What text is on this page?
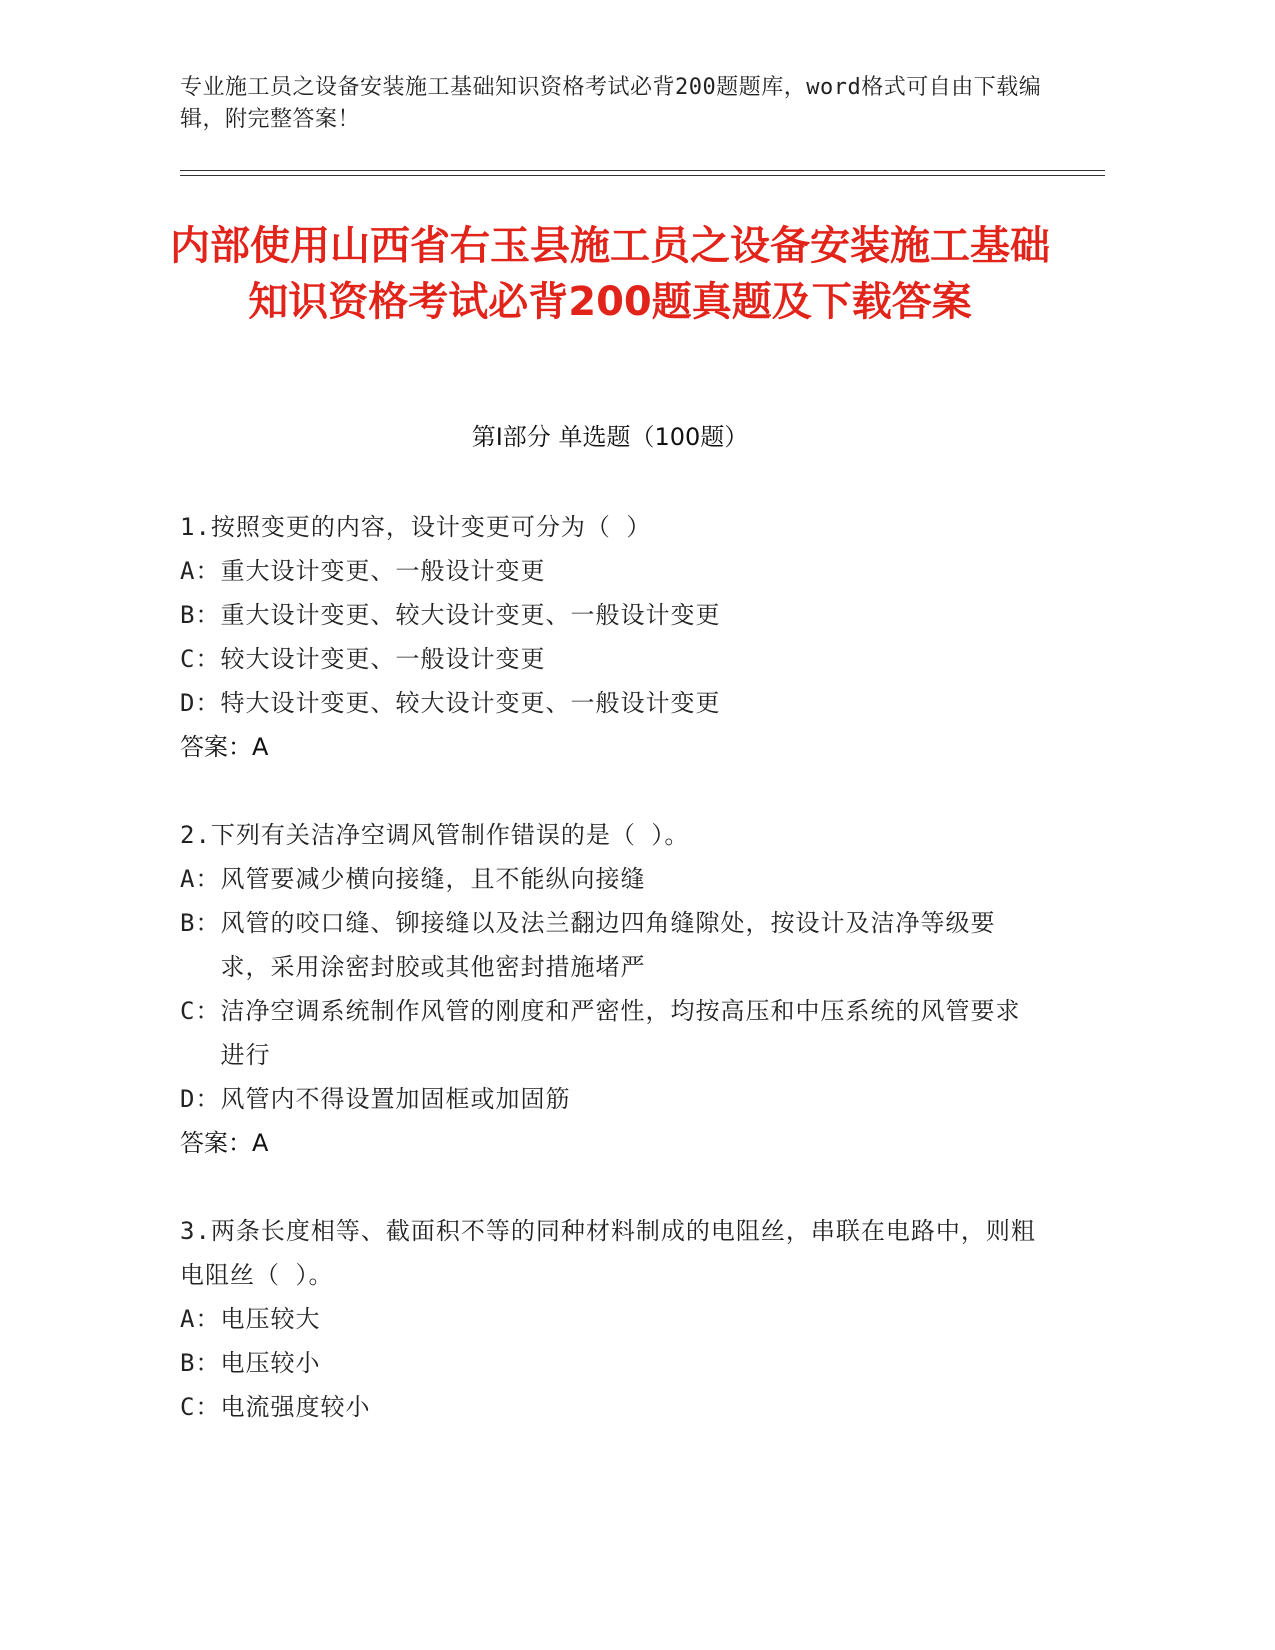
专业施工员之设备安装施工基础知识资格考试必背200题题库，word格式可自由下载编辑，附完整答案！
内部使用山西省右玉县施工员之设备安装施工基础知识资格考试必背200题真题及下载答案
第I部分 单选题（100题）
1.按照变更的内容，设计变更可分为（ ）
A： 重大设计变更、一般设计变更
B： 重大设计变更、较大设计变更、一般设计变更
C： 较大设计变更、一般设计变更
D： 特大设计变更、较大设计变更、一般设计变更
答案：A
2.下列有关洁净空调风管制作错误的是（ ）。
A： 风管要减少横向接缝，且不能纵向接缝
B： 风管的咬口缝、铆接缝以及法兰翻边四角缝隙处，按设计及洁净等级要求，采用涂密封胶或其他密封措施堵严
C： 洁净空调系统制作风管的刚度和严密性，均按高压和中压系统的风管要求进行
D： 风管内不得设置加固框或加固筋
答案：A
3.两条长度相等、截面积不等的同种材料制成的电阻丝，串联在电路中，则粗电阻丝（ ）。
A： 电压较大
B： 电压较小
C： 电流强度较小
